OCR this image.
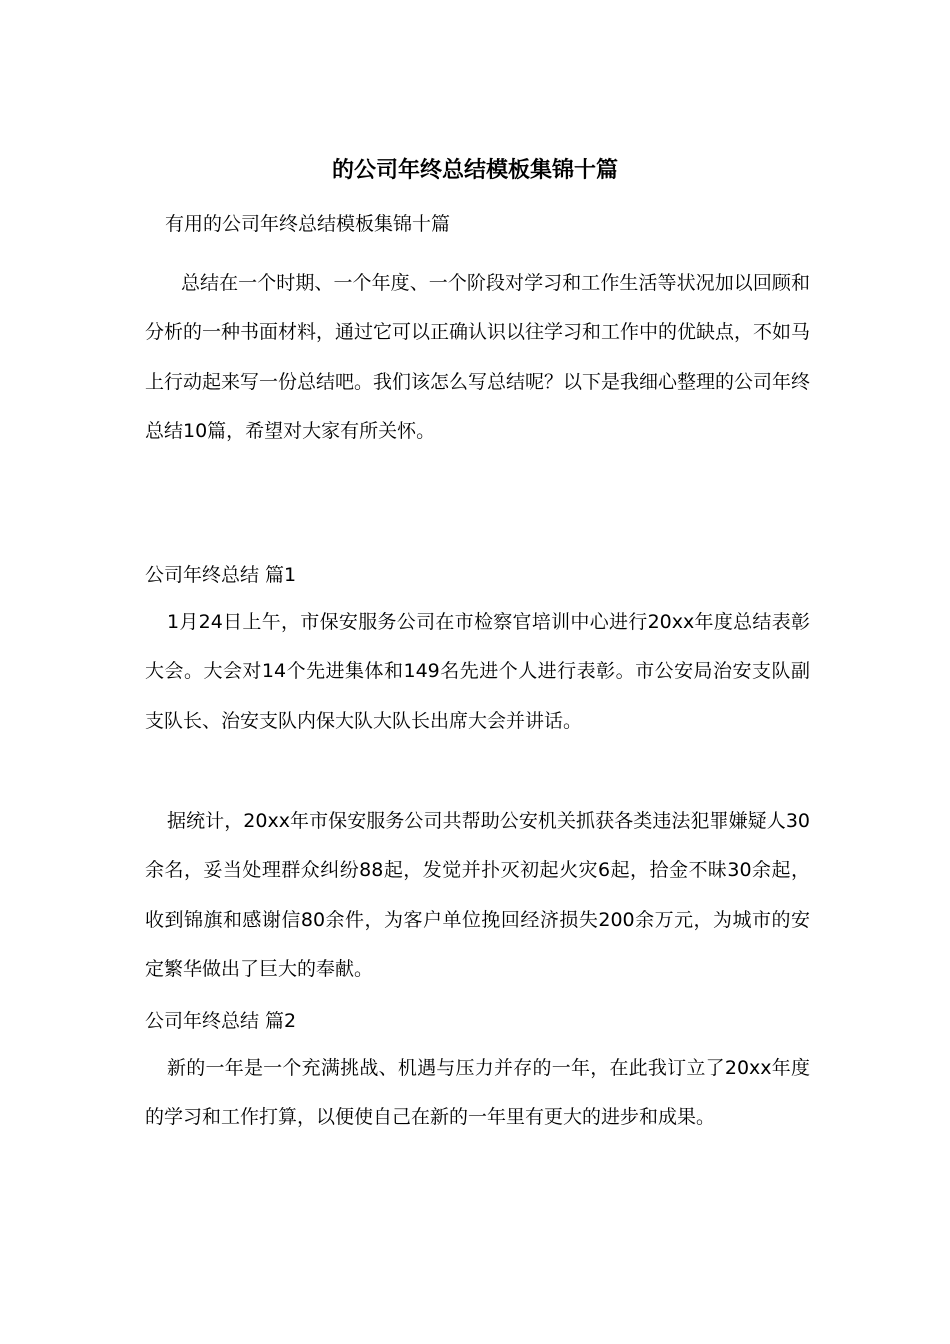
的公司年终总结模板集锦十篇

有用的公司年终总结模板集锦十篇

总结在一个时期、一个年度、一个阶段对学习和工作生活等状况加以回顾和分析的一种书面材料，通过它可以正确认识以往学习和工作中的优缺点，不如马上行动起来写一份总结吧。我们该怎么写总结呢？以下是我细心整理的公司年终总结10篇，希望对大家有所关怀。

公司年终总结 篇1

1月24日上午，市保安服务公司在市检察官培训中心进行20xx年度总结表彰大会。大会对14个先进集体和149名先进个人进行表彰。市公安局治安支队副支队长、治安支队内保大队大队长出席大会并讲话。

据统计，20xx年市保安服务公司共帮助公安机关抓获各类违法犯罪嫌疑人30余名，妥当处理群众纠纷88起，发觉并扑灭初起火灾6起，拾金不昧30余起，收到锦旗和感谢信80余件，为客户单位挽回经济损失200余万元，为城市的安定繁华做出了巨大的奉献。

公司年终总结 篇2

新的一年是一个充满挑战、机遇与压力并存的一年，在此我订立了20xx年度的学习和工作打算，以便使自己在新的一年里有更大的进步和成果。
